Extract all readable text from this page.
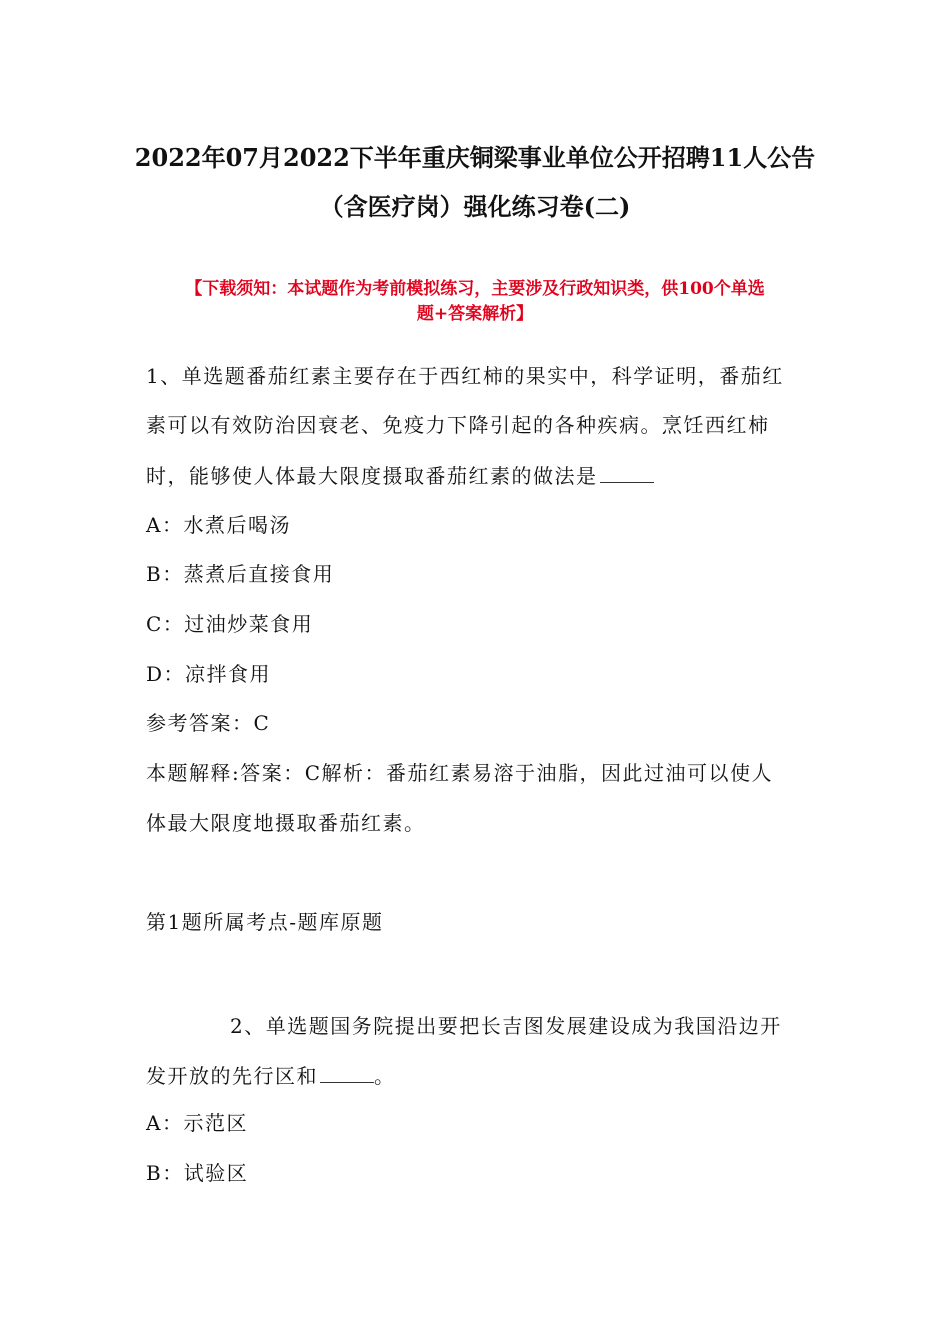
2022年07月2022下半年重庆铜梁事业单位公开招聘11人公告
（含医疗岗）强化练习卷(二)
【下载须知：本试题作为考前模拟练习，主要涉及行政知识类，供100个单选
题+答案解析】
1、单选题番茄红素主要存在于西红柿的果实中，科学证明，番茄红
素可以有效防治因衰老、免疫力下降引起的各种疾病。烹饪西红柿
时，能够使人体最大限度摄取番茄红素的做法是
A：水煮后喝汤
B：蒸煮后直接食用
C：过油炒菜食用
D：凉拌食用
参考答案：C
本题解释:答案：C解析：番茄红素易溶于油脂，因此过油可以使人
体最大限度地摄取番茄红素。
第1题所属考点-题库原题
2、单选题国务院提出要把长吉图发展建设成为我国沿边开
发开放的先行区和	。
A：示范区
B：试验区
